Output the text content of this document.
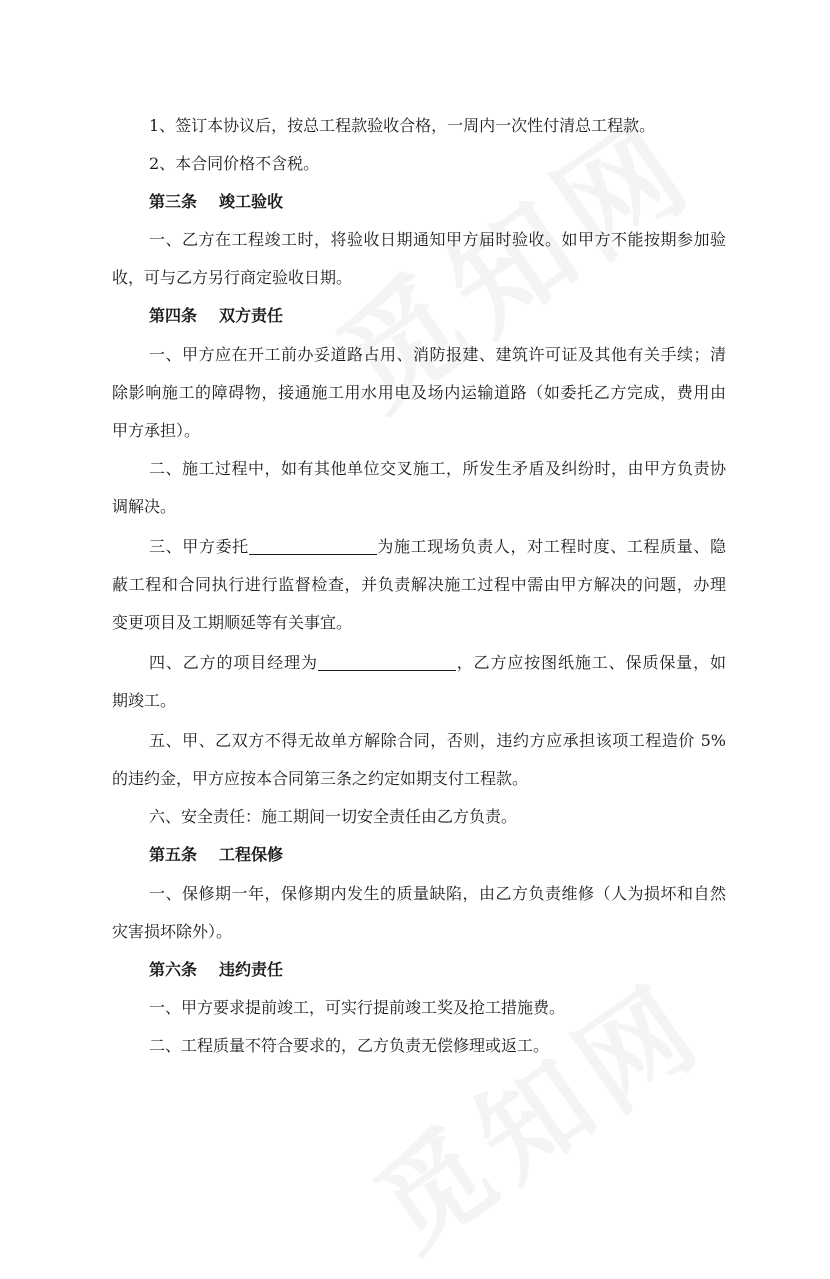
1、签订本协议后，按总工程款验收合格，一周内一次性付清总工程款。
2、本合同价格不含税。
第三条 竣工验收
一、乙方在工程竣工时，将验收日期通知甲方届时验收。如甲方不能按期参加验
收，可与乙方另行商定验收日期。
第四条 双方责任
一、甲方应在开工前办妥道路占用、消防报建、建筑许可证及其他有关手续；清
除影响施工的障碍物，接通施工用水用电及场内运输道路（如委托乙方完成，费用由
甲方承担）。
二、施工过程中，如有其他单位交叉施工，所发生矛盾及纠纷时，由甲方负责协
调解决。
三、甲方委托	为施工现场负责人，对工程时度、工程质量、隐
蔽工程和合同执行进行监督检查，并负责解决施工过程中需由甲方解决的问题，办理
变更项目及工期顺延等有关事宜。
四、乙方的项目经理为	，乙方应按图纸施工、保质保量，如
期竣工。
五、甲、乙双方不得无故单方解除合同，否则，违约方应承担该项工程造价 5%
的违约金，甲方应按本合同第三条之约定如期支付工程款。
六、安全责任：施工期间一切安全责任由乙方负责。
第五条 工程保修
一、保修期一年，保修期内发生的质量缺陷，由乙方负责维修（人为损坏和自然
灾害损坏除外）。
第六条 违约责任
一、甲方要求提前竣工，可实行提前竣工奖及抢工措施费。
二、工程质量不符合要求的，乙方负责无偿修理或返工。
